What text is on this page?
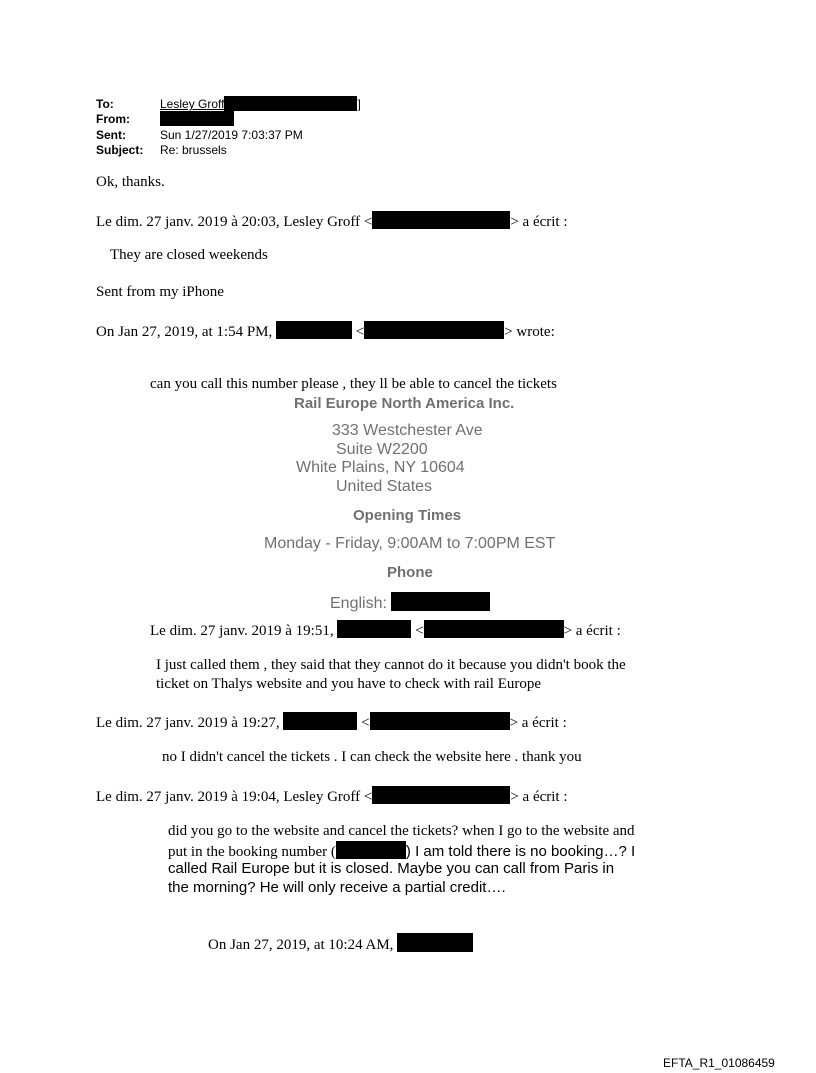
To:	Lesley Groff	]
From:
Sent:	Sun 1/27/2019 7:03:37 PM
Subject: Re: brussels
Ok, thanks.
Le dim. 27 janv. 2019 à 20:03, Lesley Groff <	> a écrit :
They are closed weekends
Sent from my iPhone
On Jan 27, 2019, at 1:54 PM,	<	> wrote:
can you call this number please , they ll be able to cancel the tickets
Rail Europe North America Inc.
333 Westchester Ave
Suite W2200
White Plains, NY 10604
United States
Opening Times
Monday - Friday, 9:00AM to 7:00PM EST
Phone
English:
Le dim. 27 janv. 2019 à 19:51,	<	> a écrit :
I just called them , they said that they cannot do it because you didn't book the
ticket on Thalys website and you have to check with rail Europe
Le dim. 27 janv. 2019 à 19:27,	<	> a écrit :
no I didn't cancel the tickets . I can check the website here . thank you
Le dim. 27 janv. 2019 à 19:04, Lesley Groff <	> a écrit :
did you go to the website and cancel the tickets? when I go to the website and
put in the booking number (	) I am told there is no booking…? I
called Rail Europe but it is closed. Maybe you can call from Paris in
the morning? He will only receive a partial credit….
On Jan 27, 2019, at 10:24 AM,
EFTA_R1_01086459
